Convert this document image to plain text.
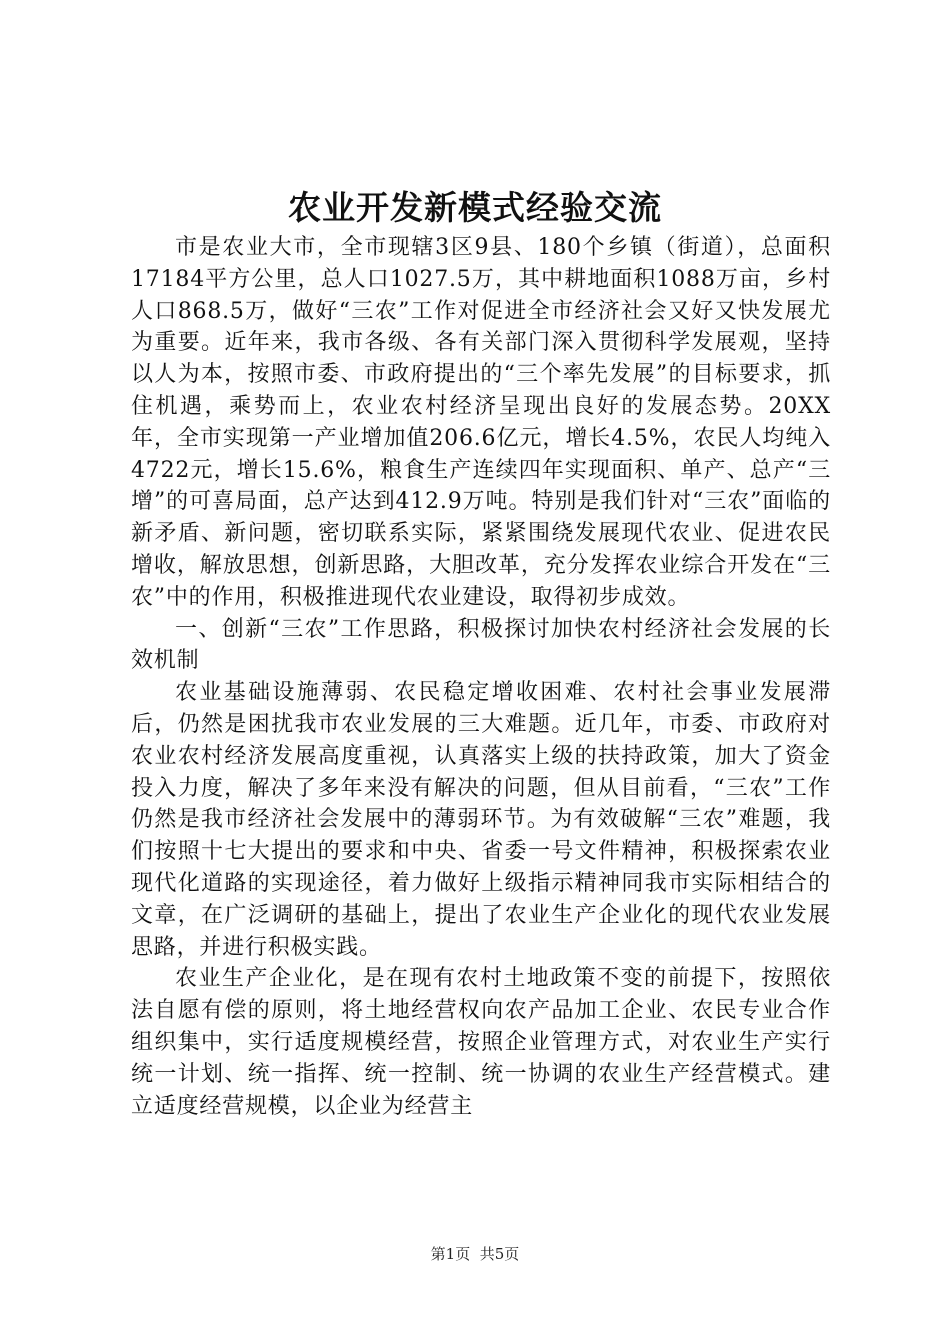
农业开发新模式经验交流

市是农业大市，全市现辖3区9县、180个乡镇（街道），总面积17184平方公里，总人口1027.5万，其中耕地面积1088万亩，乡村人口868.5万，做好“三农”工作对促进全市经济社会又好又快发展尤为重要。近年来，我市各级、各有关部门深入贯彻科学发展观，坚持以人为本，按照市委、市政府提出的“三个率先发展”的目标要求，抓住机遇，乘势而上，农业农村经济呈现出良好的发展态势。20XX年，全市实现第一产业增加值206.6亿元，增长4.5%，农民人均纯入4722元，增长15.6%，粮食生产连续四年实现面积、单产、总产“三增”的可喜局面，总产达到412.9万吨。特别是我们针对“三农”面临的新矛盾、新问题，密切联系实际，紧紧围绕发展现代农业、促进农民增收，解放思想，创新思路，大胆改革，充分发挥农业综合开发在“三农”中的作用，积极推进现代农业建设，取得初步成效。

一、创新“三农”工作思路，积极探讨加快农村经济社会发展的长效机制

农业基础设施薄弱、农民稳定增收困难、农村社会事业发展滞后，仍然是困扰我市农业发展的三大难题。近几年，市委、市政府对农业农村经济发展高度重视，认真落实上级的扶持政策，加大了资金投入力度，解决了多年来没有解决的问题，但从目前看，“三农”工作仍然是我市经济社会发展中的薄弱环节。为有效破解“三农”难题，我们按照十七大提出的要求和中央、省委一号文件精神，积极探索农业现代化道路的实现途径，着力做好上级指示精神同我市实际相结合的文章，在广泛调研的基础上，提出了农业生产企业化的现代农业发展思路，并进行积极实践。

农业生产企业化，是在现有农村土地政策不变的前提下，按照依法自愿有偿的原则，将土地经营权向农产品加工企业、农民专业合作组织集中，实行适度规模经营，按照企业管理方式，对农业生产实行统一计划、统一指挥、统一控制、统一协调的农业生产经营模式。建立适度经营规模，以企业为经营主

第1页 共5页
